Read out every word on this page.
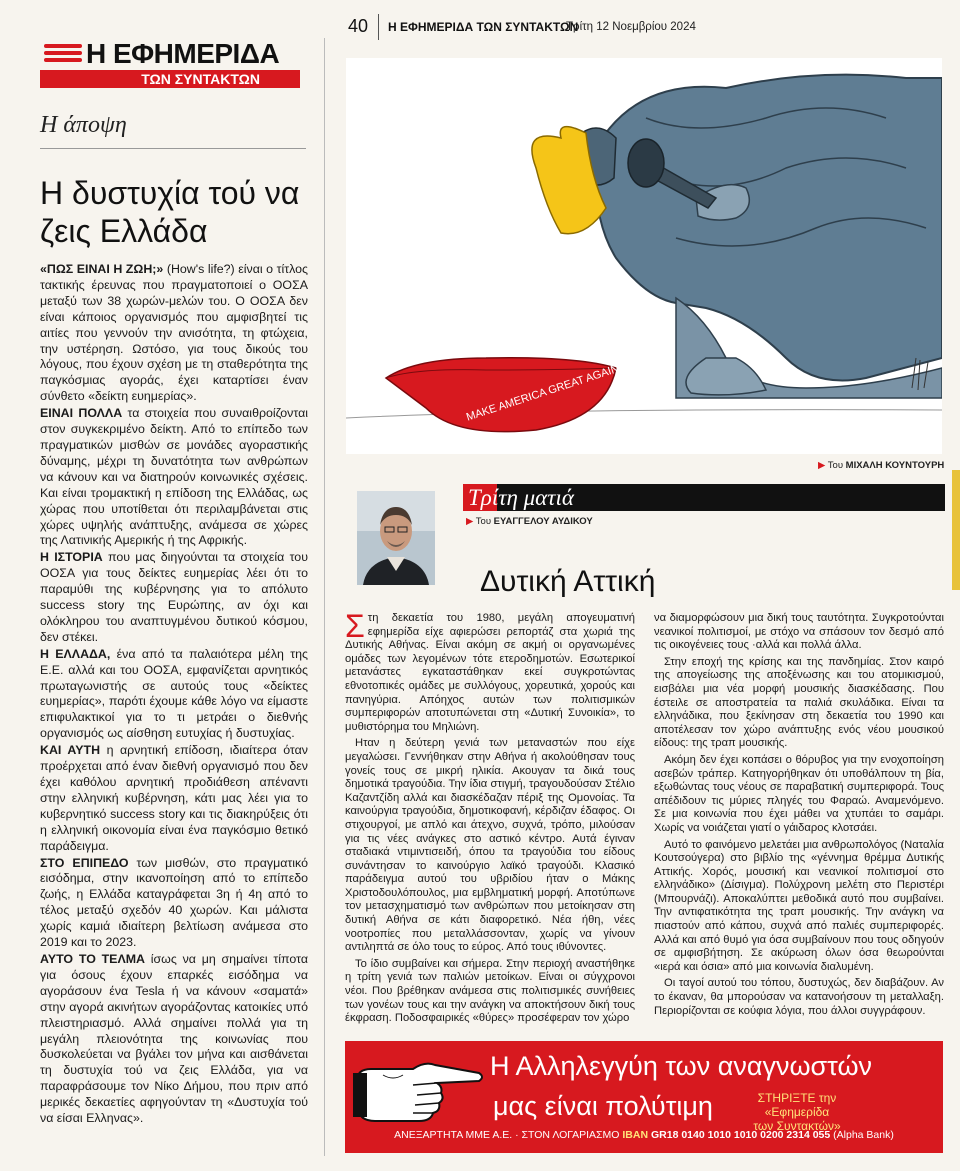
40 Η ΕΦΗΜΕΡΙΔΑ ΤΩΝ ΣΥΝΤΑΚΤΩΝ
Τρίτη 12 Νοεμβρίου 2024
Η ΕΦΗΜΕΡΙΔΑ
ΤΩΝ ΣΥΝΤΑΚΤΩΝ
Η άποψη
Η δυστυχία τού να ζεις Ελλάδα

«ΠΩΣ ΕΙΝΑΙ Η ΖΩΗ;» (How's life?) είναι ο τίτλος τακτικής έρευνας που πραγματοποιεί ο ΟΟΣΑ μεταξύ των 38 χωρών-μελών του. Ο ΟΟΣΑ δεν είναι κάποιος οργανισμός που αμφισβητεί τις αιτίες που γεννούν την ανισότητα, τη φτώχεια, την υστέρηση. Ωστόσο, για τους δικούς του λόγους, που έχουν σχέση με τη σταθερότητα της παγκόσμιας αγοράς, έχει καταρτίσει έναν σύνθετο «δείκτη ευημερίας».

ΕΙΝΑΙ ΠΟΛΛΑ τα στοιχεία που συναιθροίζονται στον συγκεκριμένο δείκτη. Από το επίπεδο των πραγματικών μισθών σε μονάδες αγοραστικής δύναμης, μέχρι τη δυνατότητα των ανθρώπων να κάνουν και να διατηρούν κοινωνικές σχέσεις. Και είναι τρομακτική η επίδοση της Ελλάδας, ως χώρας που υποτίθεται ότι περιλαμβάνεται στις χώρες υψηλής ανάπτυξης, ανάμεσα σε χώρες της Λατινικής Αμερικής ή της Αφρικής.

Η ΙΣΤΟΡΙΑ που μας διηγούνται τα στοιχεία του ΟΟΣΑ για τους δείκτες ευημερίας λέει ότι το παραμύθι της κυβέρνησης για το απόλυτο success story της Ευρώπης, αν όχι και ολόκληρου του αναπτυγμένου δυτικού κόσμου, δεν στέκει.

Η ΕΛΛΑΔΑ, ένα από τα παλαιότερα μέλη της Ε.Ε. αλλά και του ΟΟΣΑ, εμφανίζεται αρνητικός πρωταγωνιστής σε αυτούς τους «δείκτες ευημερίας», παρότι έχουμε κάθε λόγο να είμαστε επιφυλακτικοί για το τι μετράει ο διεθνής οργανισμός ως αίσθηση ευτυχίας ή δυστυχίας.

ΚΑΙ ΑΥΤΗ η αρνητική επίδοση, ιδιαίτερα όταν προέρχεται από έναν διεθνή οργανισμό που δεν έχει καθόλου αρνητική προδιάθεση απέναντι στην ελληνική κυβέρνηση, κάτι μας λέει για το κυβερνητικό success story και τις διακηρύξεις ότι η ελληνική οικονομία είναι ένα παγκόσμιο θετικό παράδειγμα.

ΣΤΟ ΕΠΙΠΕΔΟ των μισθών, στο πραγματικό εισόδημα, στην ικανοποίηση από το επίπεδο ζωής, η Ελλάδα καταγράφεται 3η ή 4η από το τέλος μεταξύ σχεδόν 40 χωρών. Και μάλιστα χωρίς καμιά ιδιαίτερη βελτίωση ανάμεσα στο 2019 και το 2023.

ΑΥΤΟ ΤΟ ΤΕΛΜΑ ίσως να μη σημαίνει τίποτα για όσους έχουν επαρκές εισόδημα να αγοράσουν ένα Tesla ή να κάνουν «σαματά» στην αγορά ακινήτων αγοράζοντας κατοικίες υπό πλειστηριασμό. Αλλά σημαίνει πολλά για τη μεγάλη πλειονότητα της κοινωνίας που δυσκολεύεται να βγάλει τον μήνα και αισθάνεται τη δυστυχία τού να ζεις Ελλάδα, για να παραφράσουμε τον Νίκο Δήμου, που πριν από μερικές δεκαετίες αφηγούνταν τη «Δυστυχία τού να είσαι Ελληνας».

MAKE AMERICA GREAT AGAIN
▶ Του ΜΙΧΑΛΗ ΚΟΥΝΤΟΥΡΗ
Τρίτη ματιά
▶ Του ΕΥΑΓΓΕΛΟΥ ΑΥΔΙΚΟΥ
Δυτική Αττική

Στη δεκαετία του 1980, μεγάλη απογευματινή εφημερίδα είχε αφιερώσει ρεπορτάζ στα χωριά της Δυτικής Αθήνας. Είναι ακόμη σε ακμή οι οργανωμένες ομάδες των λεγομένων τότε ετεροδημοτών. Εσωτερικοί μετανάστες εγκαταστάθηκαν εκεί συγκροτώντας εθνοτοπικές ομάδες με συλλόγους, χορευτικά, χορούς και πανηγύρια. Απόηχος αυτών των πολιτισμικών συμπεριφορών αποτυπώνεται στη «Δυτική Συνοικία», το μυθιστόρημα του Μηλιώνη.

Ηταν η δεύτερη γενιά των μεταναστών που είχε μεγαλώσει. Γεννήθηκαν στην Αθήνα ή ακολούθησαν τους γονείς τους σε μικρή ηλικία. Ακουγαν τα δικά τους δημοτικά τραγούδια. Την ίδια στιγμή, τραγουδούσαν Στέλιο Καζαντζίδη αλλά και διασκέδαζαν πέριξ της Ομονοίας. Τα καινούργια τραγούδια, δημοτικοφανή, κέρδιζαν έδαφος. Οι στιχουργοί, με απλό και άτεχνο, συχνά, τρόπο, μιλούσαν για τις νέες ανάγκες στο αστικό κέντρο. Αυτά έγιναν σταδιακά ντιμιντισειδή, όπου τα τραγούδια του είδους συνάντησαν το καινούργιο λαϊκό τραγούδι. Κλασικό παράδειγμα αυτού του υβριδίου ήταν ο Μάκης Χριστοδουλόπουλος, μια εμβληματική μορφή. Αποτύπωνε τον μετασχηματισμό των ανθρώπων που μετοίκησαν στη δυτική Αθήνα σε κάτι διαφορετικό. Νέα ήθη, νέες νοοτροπίες που μεταλλάσσονταν, χωρίς να γίνουν αντιληπτά σε όλο τους το εύρος. Από τους ιθύνοντες.

Το ίδιο συμβαίνει και σήμερα. Στην περιοχή αναστήθηκε η τρίτη γενιά των παλιών μετοίκων. Είναι οι σύγχρονοι νέοι. Που βρέθηκαν ανάμεσα στις πολιτισμικές συνήθειες των γονέων τους και την ανάγκη να αποκτήσουν δική τους έκφραση. Ποδοσφαιρικές «θύρες» προσέφεραν τον χώρο

να διαμορφώσουν μια δική τους ταυτότητα. Συγκροτούνται νεανικοί πολιτισμοί, με στόχο να σπάσουν τον δεσμό από τις οικογένειες τους ·αλλά και πολλά άλλα.

Στην εποχή της κρίσης και της πανδημίας. Στον καιρό της απογείωσης της αποξένωσης και του ατομικισμού, εισβάλει μια νέα μορφή μουσικής διασκέδασης. Που έστειλε σε αποστρατεία τα παλιά σκυλάδικα. Είναι τα ελληνάδικα, που ξεκίνησαν στη δεκαετία του 1990 και αποτέλεσαν τον χώρο ανάπτυξης ενός νέου μουσικού είδους: της τραπ μουσικής.

Ακόμη δεν έχει κοπάσει ο θόρυβος για την ενοχοποίηση ασεβών τράπερ. Κατηγορήθηκαν ότι υποθάλπουν τη βία, εξωθώντας τους νέους σε παραβατική συμπεριφορά. Τους απέδιδουν τις μύριες πληγές του Φαραώ. Αναμενόμενο. Σε μια κοινωνία που έχει μάθει να χτυπάει το σαμάρι. Χωρίς να νοιάζεται γιατί ο γάιδαρος κλοτσάει.

Αυτό το φαινόμενο μελετάει μια ανθρωπολόγος (Ναταλία Κουτσούγερα) στο βιβλίο της «γέννημα θρέμμα Δυτικής Αττικής. Χορός, μουσική και νεανικοί πολιτισμοί στο ελληνάδικο» (Δίσιγμα). Πολύχρονη μελέτη στο Περιστέρι (Μπουρνάζι). Αποκαλύπτει μεθοδικά αυτό που συμβαίνει. Την αντιφατικότητα της τραπ μουσικής. Την ανάγκη να πιαστούν από κάπου, συχνά από παλιές συμπεριφορές. Αλλά και από θυμό για όσα συμβαίνουν που τους οδηγούν σε αμφισβήτηση. Σε ακύρωση όλων όσα θεωρούνται «ιερά και όσια» από μια κοινωνία διαλυμένη.

Οι ταγοί αυτού του τόπου, δυστυχώς, δεν διαβάζουν. Αν το έκαναν, θα μπορούσαν να κατανοήσουν τη μεταλλαξη. Περιορίζονται σε κούφια λόγια, που άλλοι συγγράφουν.

Η Αλληλεγγύη των αναγνωστών
μας είναι πολύτιμη	ΣΤΗΡΙΞΤΕ την «Εφημερίδα
των Συντακτών»
ΑΝΕΞΑΡΤΗΤΑ ΜΜΕ Α.Ε. · ΣΤΟΝ ΛΟΓΑΡΙΑΣΜΟ IBAN GR18 0140 1010 1010 0200 2314 055 (Alpha Bank)
